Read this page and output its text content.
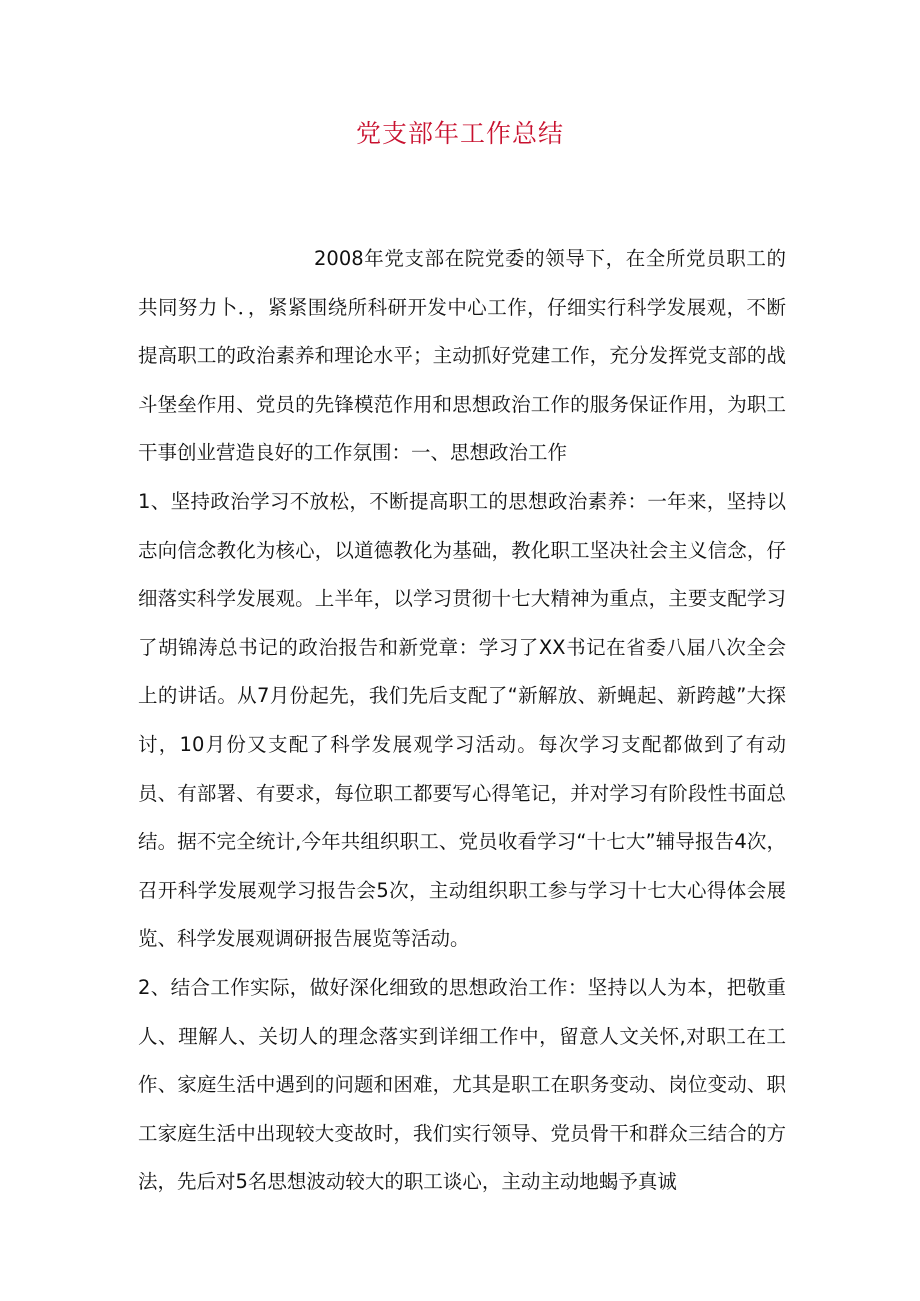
党支部年工作总结

2008年党支部在院党委的领导下，在全所党员职工的共同努力卜．，紧紧围绕所科研开发中心工作，仔细实行科学发展观，不断提高职工的政治素养和理论水平；主动抓好党建工作，充分发挥党支部的战斗堡垒作用、党员的先锋模范作用和思想政治工作的服务保证作用，为职工干事创业营造良好的工作氛围：一、思想政治工作

1、坚持政治学习不放松，不断提高职工的思想政治素养：一年来，坚持以志向信念教化为核心，以道德教化为基础，教化职工坚决社会主义信念，仔细落实科学发展观。上半年，以学习贯彻十七大精神为重点，主要支配学习了胡锦涛总书记的政治报告和新党章：学习了XX书记在省委八届八次全会上的讲话。从7月份起先，我们先后支配了“新解放、新蝇起、新跨越”大探讨，10月份又支配了科学发展观学习活动。每次学习支配都做到了有动员、有部署、有要求，每位职工都要写心得笔记，并对学习有阶段性书面总结。据不完全统计,今年共组织职工、党员收看学习“十七大”辅导报告4次，召开科学发展观学习报告会5次，主动组织职工参与学习十七大心得体会展览、科学发展观调研报告展览等活动。

2、结合工作实际，做好深化细致的思想政治工作：坚持以人为本，把敬重人、理解人、关切人的理念落实到详细工作中，留意人文关怀,对职工在工作、家庭生活中遇到的问题和困难，尤其是职工在职务变动、岗位变动、职工家庭生活中出现较大变故时，我们实行领导、党员骨干和群众三结合的方法，先后对5名思想波动较大的职工谈心，主动主动地蝎予真诚
